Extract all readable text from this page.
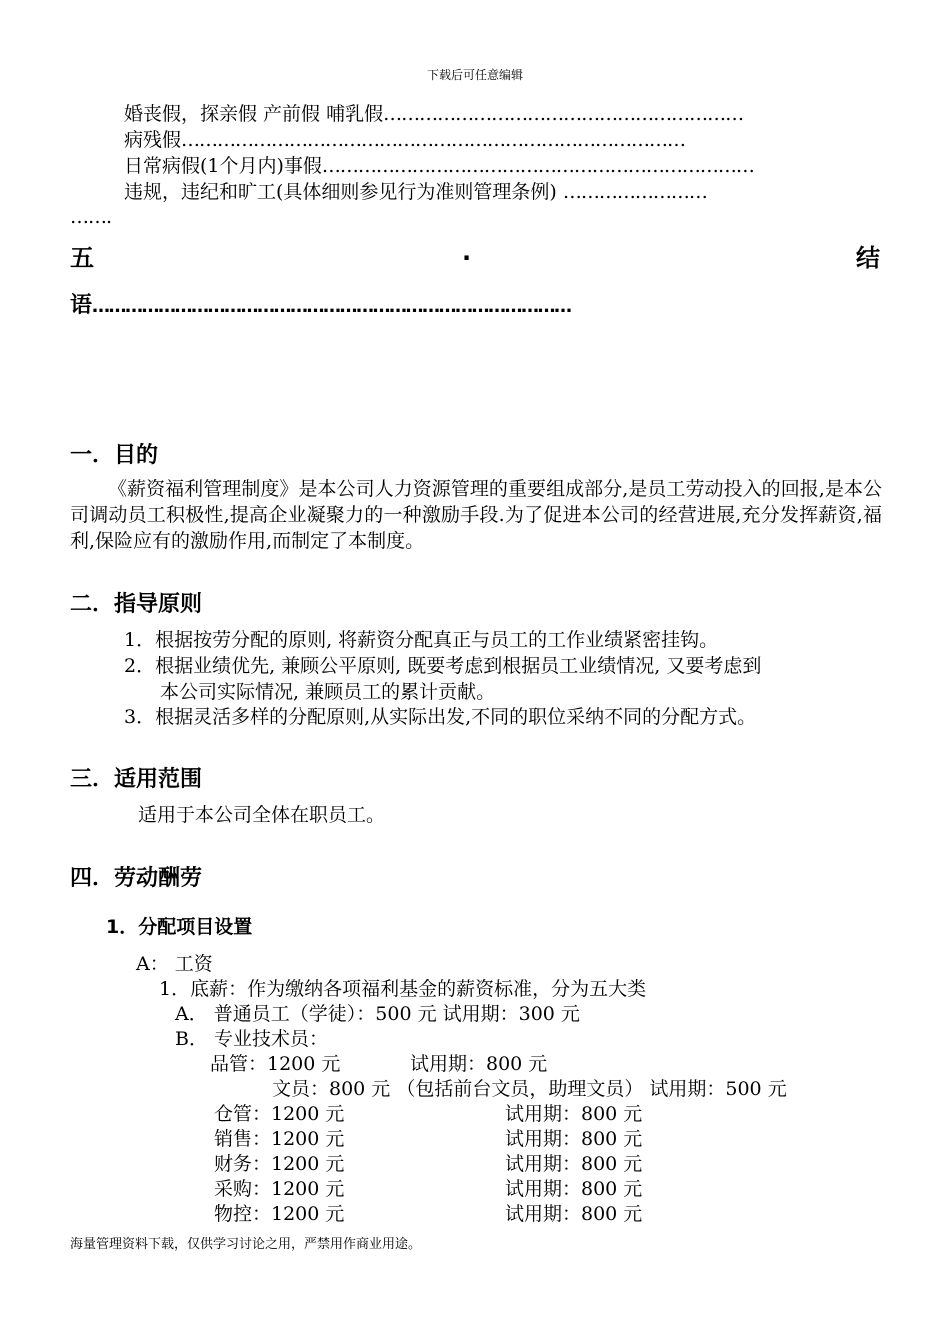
下载后可任意编辑
婚丧假，探亲假 产前假 哺乳假……………………………………………………
病残假…………………………………………………………………………
日常病假(1个月内)事假………………………………………………………………
违规，违纪和旷工(具体细则参见行为准则管理条例) ……………………
…….
五	.	结
语……………………………………………………………………………
一．目的
《薪资福利管理制度》是本公司人力资源管理的重要组成部分,是员工劳动投入的回报,是本公司调动员工积极性,提高企业凝聚力的一种激励手段.为了促进本公司的经营进展,充分发挥薪资,福利,保险应有的激励作用,而制定了本制度。
二．指导原则
1．根据按劳分配的原则, 将薪资分配真正与员工的工作业绩紧密挂钩。
2．根据业绩优先, 兼顾公平原则, 既要考虑到根据员工业绩情况, 又要考虑到
本公司实际情况, 兼顾员工的累计贡献。
3．根据灵活多样的分配原则,从实际出发,不同的职位采纳不同的分配方式。
三．适用范围
适用于本公司全体在职员工。
四．劳动酬劳
1．分配项目设置
A： 工资
1．底薪：作为缴纳各项福利基金的薪资标准，分为五大类
A． 普通员工（学徒）：500 元 试用期：300 元
B． 专业技术员：
品管：1200 元	试用期：800 元
文员：800 元 （包括前台文员，助理文员） 试用期：500 元
仓管：1200 元	试用期：800 元
销售：1200 元	试用期：800 元
财务：1200 元	试用期：800 元
采购：1200 元	试用期：800 元
物控：1200 元	试用期：800 元
海量管理资料下载，仅供学习讨论之用，严禁用作商业用途。
